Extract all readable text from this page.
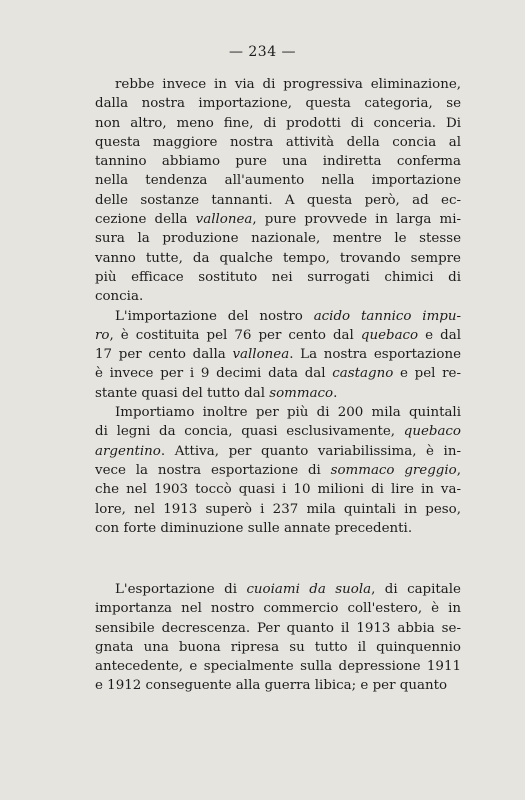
— 234 —
rebbe invece in via di progressiva eliminazione,
dalla nostra importazione, questa categoria, se
non altro, meno fine, di prodotti di conceria. Di
questa maggiore nostra attività della concia al
tannino abbiamo pure una indiretta conferma
nella tendenza all'aumento nella importazione
delle sostanze tannanti. A questa però, ad ec-
cezione della vallonea, pure provvede in larga mi-
sura la produzione nazionale, mentre le stesse
vanno tutte, da qualche tempo, trovando sempre
più efficace sostituto nei surrogati chimici di
concia.
L'importazione del nostro acido tannico impu-
ro, è costituita pel 76 per cento dal quebaco e dal
17 per cento dalla vallonea. La nostra esportazione
è invece per i 9 decimi data dal castagno e pel re-
stante quasi del tutto dal sommaco.
Importiamo inoltre per più di 200 mila quintali
di legni da concia, quasi esclusivamente, quebaco
argentino. Attiva, per quanto variabilissima, è in-
vece la nostra esportazione di sommaco greggio,
che nel 1903 toccò quasi i 10 milioni di lire in va-
lore, nel 1913 superò i 237 mila quintali in peso,
con forte diminuzione sulle annate precedenti.
L'esportazione di cuoiami da suola, di capitale
importanza nel nostro commercio coll'estero, è in
sensibile decrescenza. Per quanto il 1913 abbia se-
gnata una buona ripresa su tutto il quinquennio
antecedente, e specialmente sulla depressione 1911
e 1912 conseguente alla guerra libica; e per quanto
